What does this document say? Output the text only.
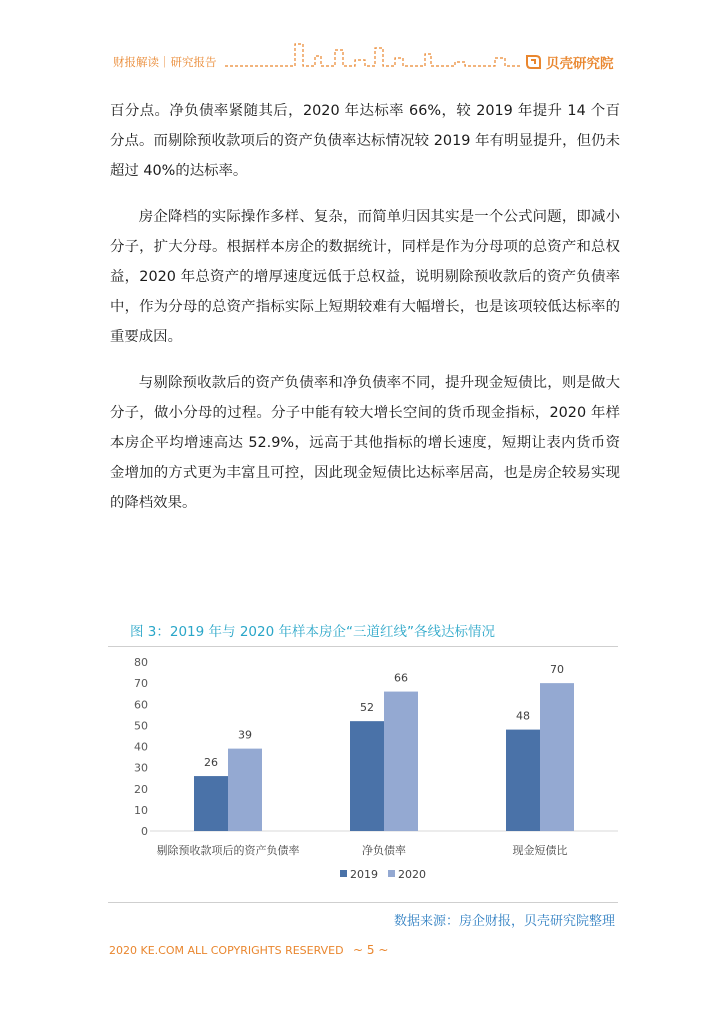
财报解读｜研究报告	贝壳研究院

百分点。净负债率紧随其后，2020 年达标率 66%，较 2019 年提升 14 个百分点。而剔除预收款项后的资产负债率达标情况较 2019 年有明显提升，但仍未超过 40%的达标率。

房企降档的实际操作多样、复杂，而简单归因其实是一个公式问题，即减小分子，扩大分母。根据样本房企的数据统计，同样是作为分母项的总资产和总权益，2020 年总资产的增厚速度远低于总权益，说明剔除预收款后的资产负债率中，作为分母的总资产指标实际上短期较难有大幅增长，也是该项较低达标率的重要成因。

与剔除预收款后的资产负债率和净负债率不同，提升现金短债比，则是做大分子，做小分母的过程。分子中能有较大增长空间的货币现金指标，2020 年样本房企平均增速高达 52.9%，远高于其他指标的增长速度，短期让表内货币资金增加的方式更为丰富且可控，因此现金短债比达标率居高，也是房企较易实现的降档效果。

图 3：2019 年与 2020 年样本房企“三道红线”各线达标情况
0
10
20
30
40
50
60
70
80
26
39
剔除预收款项后的资产负债率
52
66
净负债率
48
70
现金短债比
2019 2020
数据来源：房企财报，贝壳研究院整理
2020 KE.COM ALL COPYRIGHTS RESERVED ~ 5 ~
